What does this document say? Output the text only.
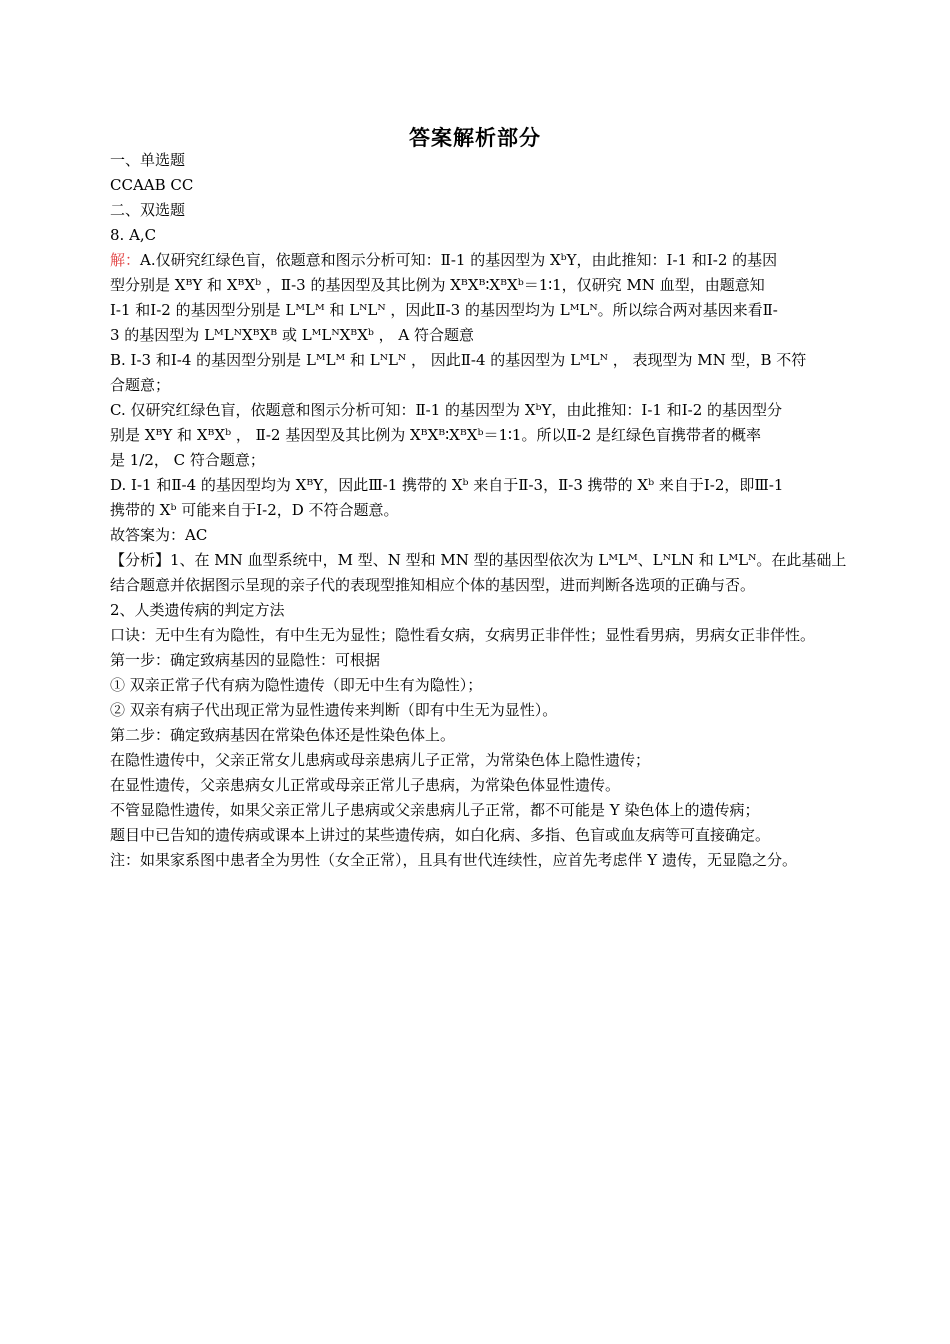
答案解析部分
一、单选题
CCAAB CC
二、双选题
8. A,C
解：A.仅研究红绿色盲，依题意和图示分析可知：Ⅱ-1 的基因型为 XᵇY，由此推知：Ⅰ-1 和Ⅰ-2 的基因
型分别是 XᴮY 和 XᴮXᵇ ，Ⅱ-3 的基因型及其比例为 XᴮXᴮ∶XᴮXᵇ＝1∶1，仅研究 MN 血型，由题意知
Ⅰ-1 和Ⅰ-2 的基因型分别是 LᴹLᴹ 和 LᴺLᴺ ，因此Ⅱ-3 的基因型均为 LᴹLᴺ。所以综合两对基因来看Ⅱ-
3 的基因型为 LᴹLᴺXᴮXᴮ 或 LᴹLᴺXᴮXᵇ ， A 符合题意
B. Ⅰ-3 和Ⅰ-4 的基因型分别是 LᴹLᴹ 和 LᴺLᴺ ， 因此Ⅱ-4 的基因型为 LᴹLᴺ ， 表现型为 MN 型，B 不符
合题意；
C. 仅研究红绿色盲，依题意和图示分析可知：Ⅱ-1 的基因型为 XᵇY，由此推知：Ⅰ-1 和Ⅰ-2 的基因型分
别是 XᴮY 和 XᴮXᵇ ， Ⅱ-2 基因型及其比例为 XᴮXᴮ∶XᴮXᵇ＝1∶1。所以Ⅱ-2 是红绿色盲携带者的概率
是 1/2， C 符合题意；
D. Ⅰ-1 和Ⅱ-4 的基因型均为 XᴮY，因此Ⅲ-1 携带的 Xᵇ 来自于Ⅱ-3，Ⅱ-3 携带的 Xᵇ 来自于Ⅰ-2，即Ⅲ-1
携带的 Xᵇ 可能来自于Ⅰ-2，D 不符合题意。
故答案为：AC
【分析】1、在 MN 血型系统中，M 型、N 型和 MN 型的基因型依次为 LᴹLᴹ、LᴺLN 和 LᴹLᴺ。在此基础上
结合题意并依据图示呈现的亲子代的表现型推知相应个体的基因型，进而判断各选项的正确与否。
2、人类遗传病的判定方法
口诀：无中生有为隐性，有中生无为显性；隐性看女病，女病男正非伴性；显性看男病，男病女正非伴性。
第一步：确定致病基因的显隐性：可根据
① 双亲正常子代有病为隐性遗传（即无中生有为隐性）；
② 双亲有病子代出现正常为显性遗传来判断（即有中生无为显性）。
第二步：确定致病基因在常染色体还是性染色体上。
在隐性遗传中，父亲正常女儿患病或母亲患病儿子正常，为常染色体上隐性遗传；
在显性遗传，父亲患病女儿正常或母亲正常儿子患病，为常染色体显性遗传。
不管显隐性遗传，如果父亲正常儿子患病或父亲患病儿子正常，都不可能是 Y 染色体上的遗传病；
题目中已告知的遗传病或课本上讲过的某些遗传病，如白化病、多指、色盲或血友病等可直接确定。
注：如果家系图中患者全为男性（女全正常），且具有世代连续性，应首先考虑伴 Y 遗传，无显隐之分。
